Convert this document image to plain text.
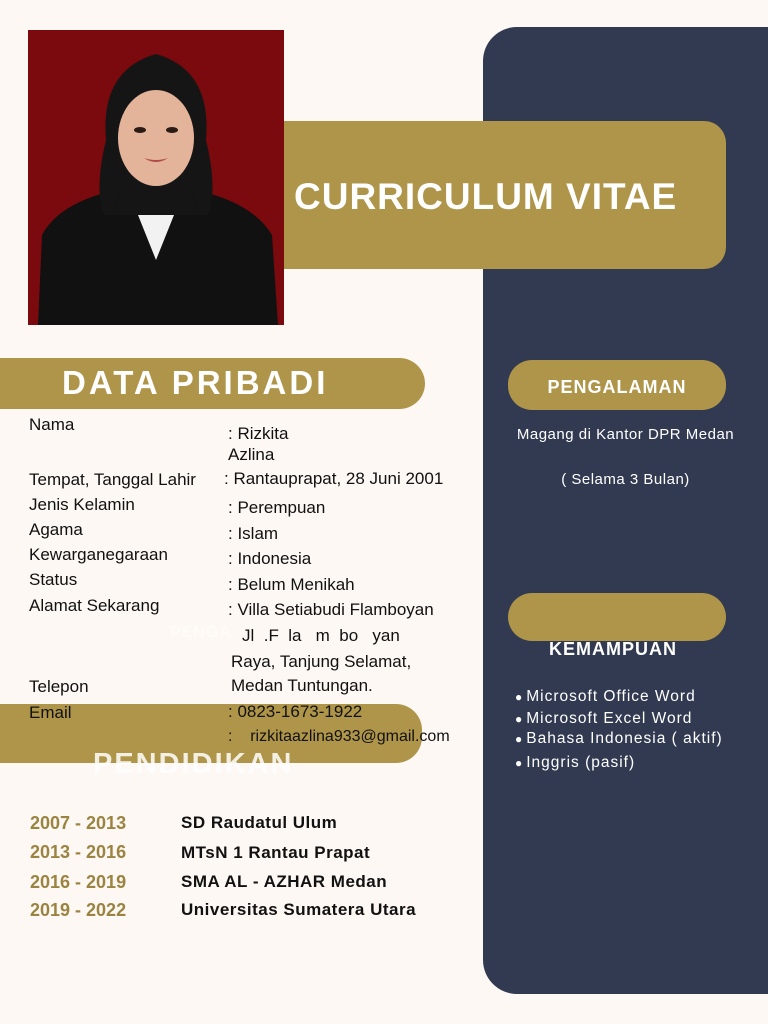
CURRICULUM VITAE
DATA PRIBADI
PENDIDIKAN
PENGA
Nama	: Rizkita
Azlina
Tempat, Tanggal Lahir : Rantauprapat, 28 Juni 2001
Jenis Kelamin	: Perempuan
Agama	: Islam
Kewarganegaraan	: Indonesia
Status	: Belum Menikah
Alamat Sekarang	: Villa Setiabudi Flamboyan
Jl  .F  la   m  bo   yan
Raya, Tanjung Selamat,
Medan Tuntungan.
Telepon
: 0823-1673-1922
Email
:    rizkitaazlina933@gmail.com
2007 - 2013	SD Raudatul Ulum
2013 - 2016	MTsN 1 Rantau Prapat
2016 - 2019	SMA AL - AZHAR Medan
2019 - 2022	Universitas Sumatera Utara
PENGALAMAN
Magang di Kantor DPR Medan
( Selama 3 Bulan)
KEMAMPUAN
● Microsoft Office Word
● Microsoft Excel Word
● Bahasa Indonesia ( aktif)
● Inggris (pasif)
